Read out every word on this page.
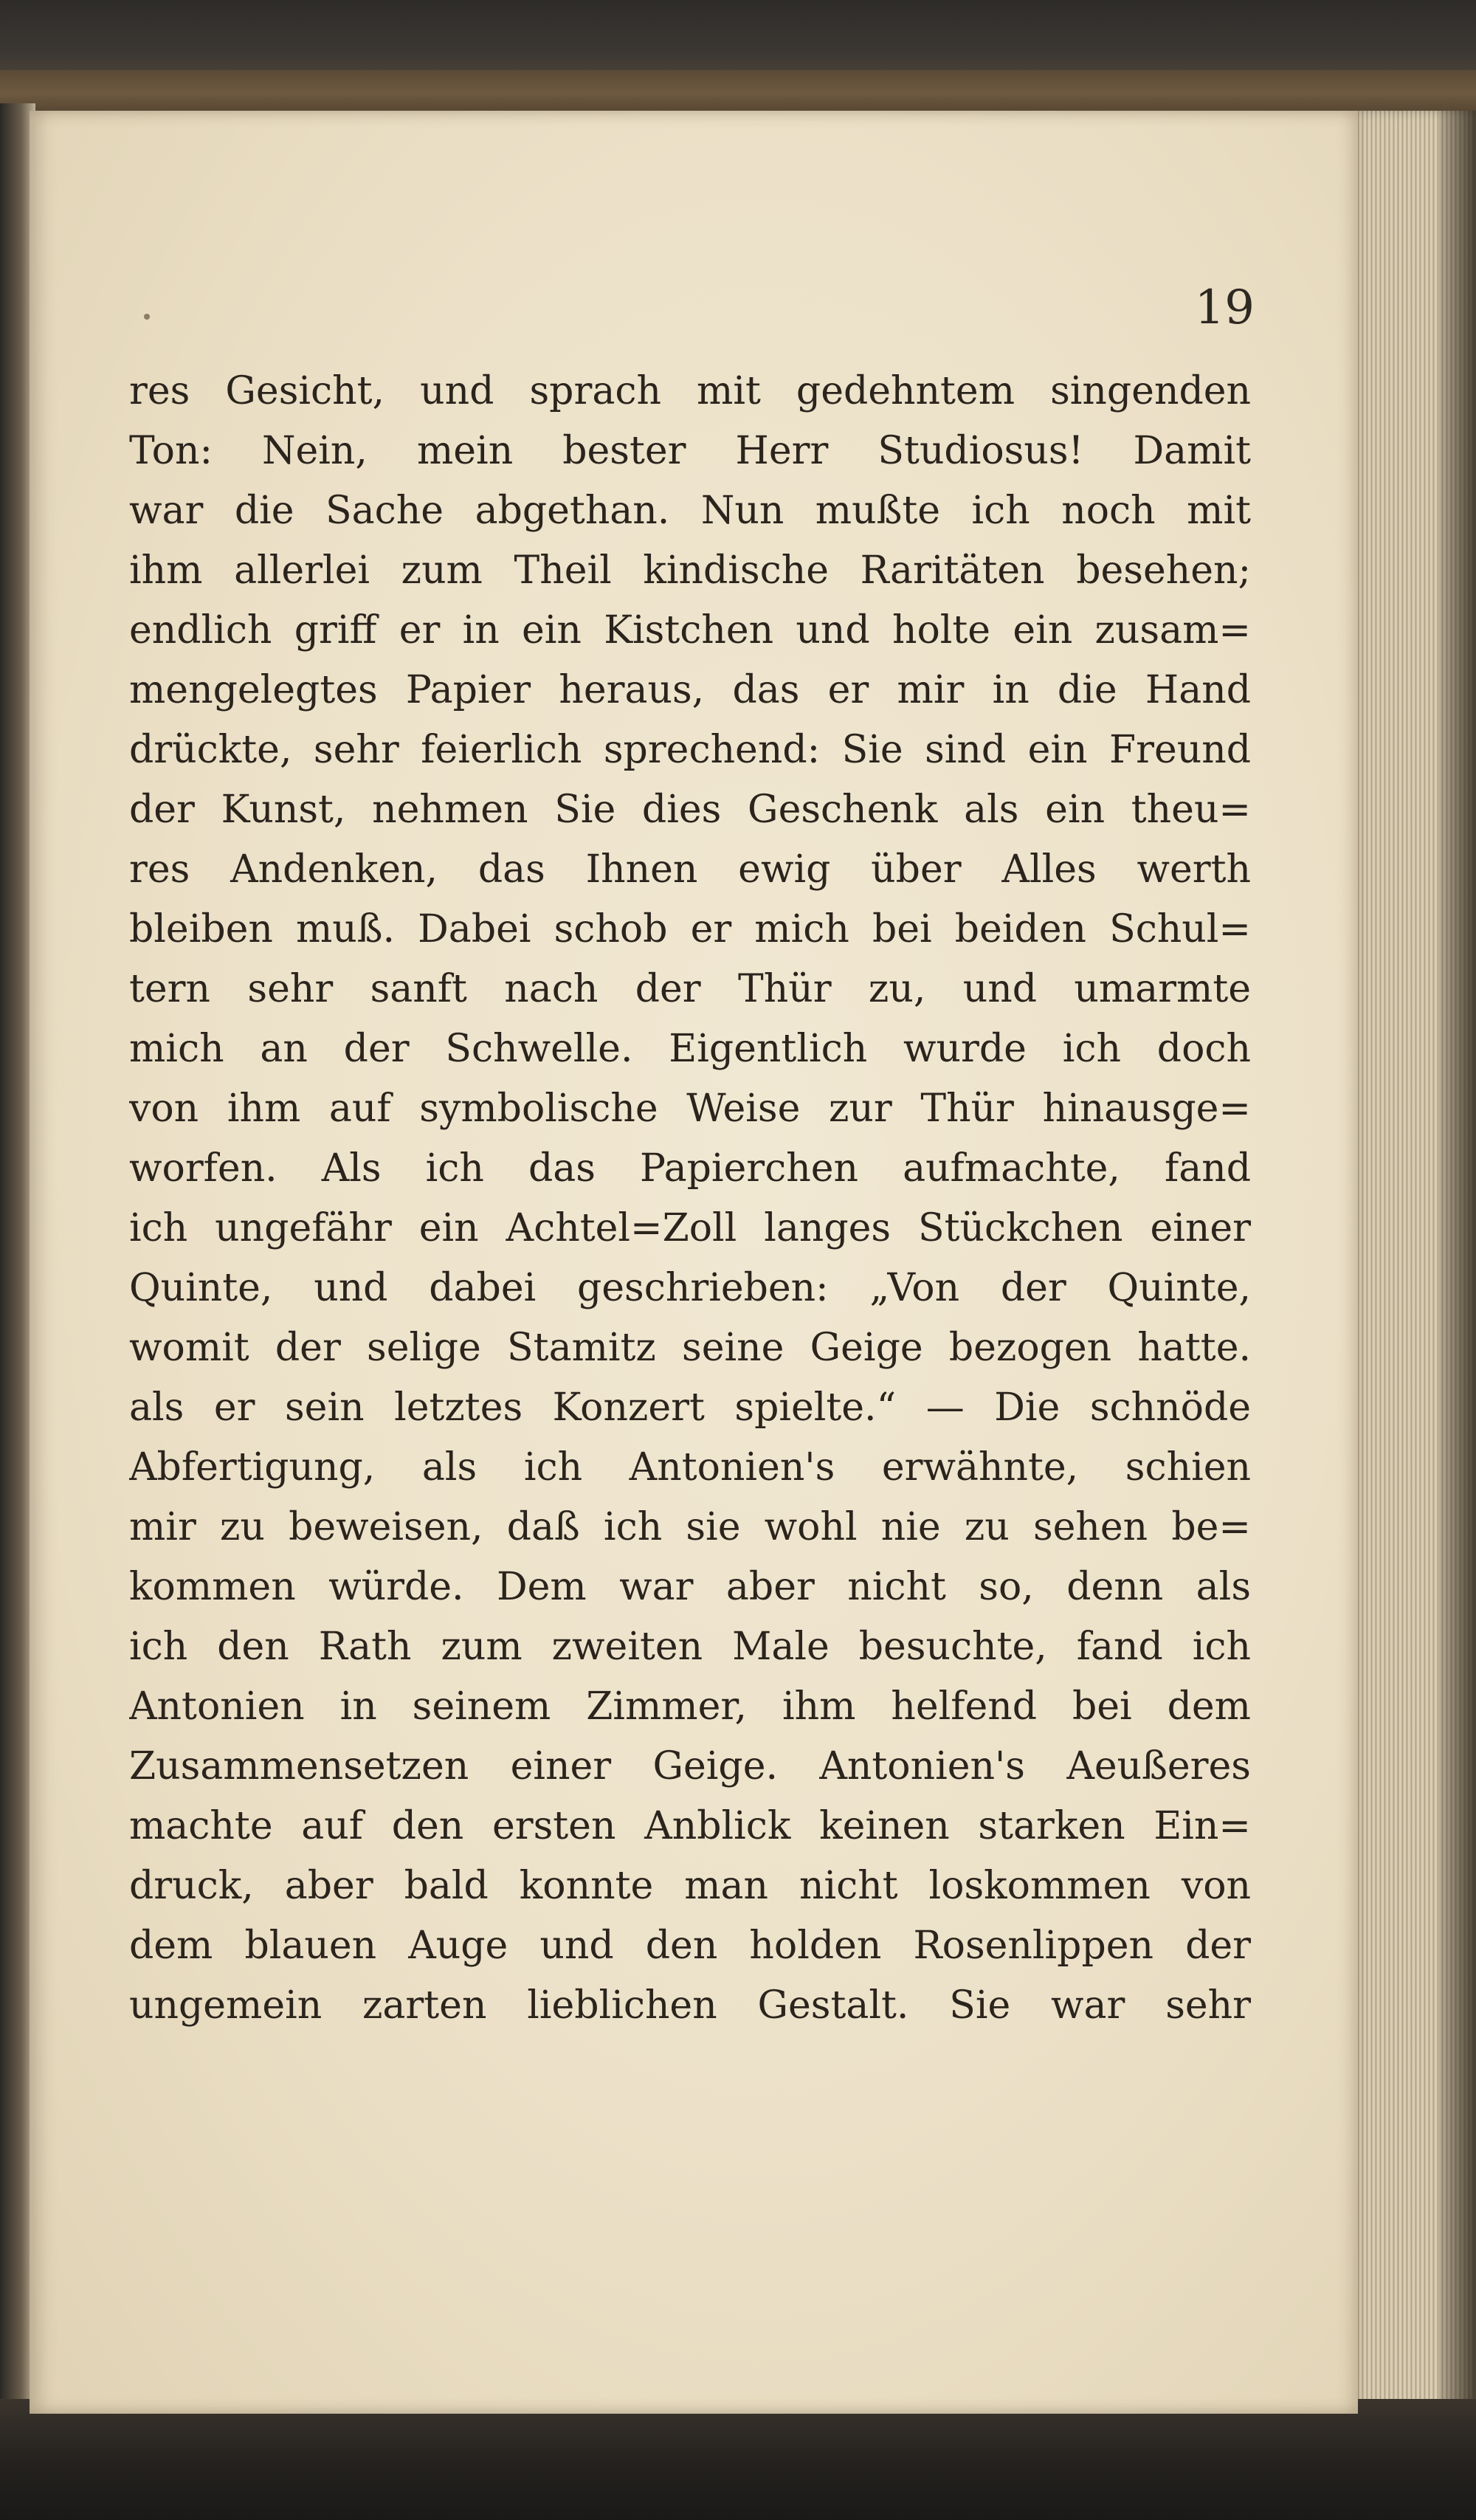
19
res Gesicht, und sprach mit gedehntem singenden
Ton: Nein, mein bester Herr Studiosus! Damit
war die Sache abgethan. Nun mußte ich noch mit
ihm allerlei zum Theil kindische Raritäten besehen;
endlich griff er in ein Kistchen und holte ein zusam=
mengelegtes Papier heraus, das er mir in die Hand
drückte, sehr feierlich sprechend: Sie sind ein Freund
der Kunst, nehmen Sie dies Geschenk als ein theu=
res Andenken, das Ihnen ewig über Alles werth
bleiben muß. Dabei schob er mich bei beiden Schul=
tern sehr sanft nach der Thür zu, und umarmte
mich an der Schwelle. Eigentlich wurde ich doch
von ihm auf symbolische Weise zur Thür hinausge=
worfen. Als ich das Papierchen aufmachte, fand
ich ungefähr ein Achtel=Zoll langes Stückchen einer
Quinte, und dabei geschrieben: „Von der Quinte,
womit der selige Stamitz seine Geige bezogen hatte.
als er sein letztes Konzert spielte.“ — Die schnöde
Abfertigung, als ich Antonien's erwähnte, schien
mir zu beweisen, daß ich sie wohl nie zu sehen be=
kommen würde. Dem war aber nicht so, denn als
ich den Rath zum zweiten Male besuchte, fand ich
Antonien in seinem Zimmer, ihm helfend bei dem
Zusammensetzen einer Geige. Antonien's Aeußeres
machte auf den ersten Anblick keinen starken Ein=
druck, aber bald konnte man nicht loskommen von
dem blauen Auge und den holden Rosenlippen der
ungemein zarten lieblichen Gestalt. Sie war sehr
